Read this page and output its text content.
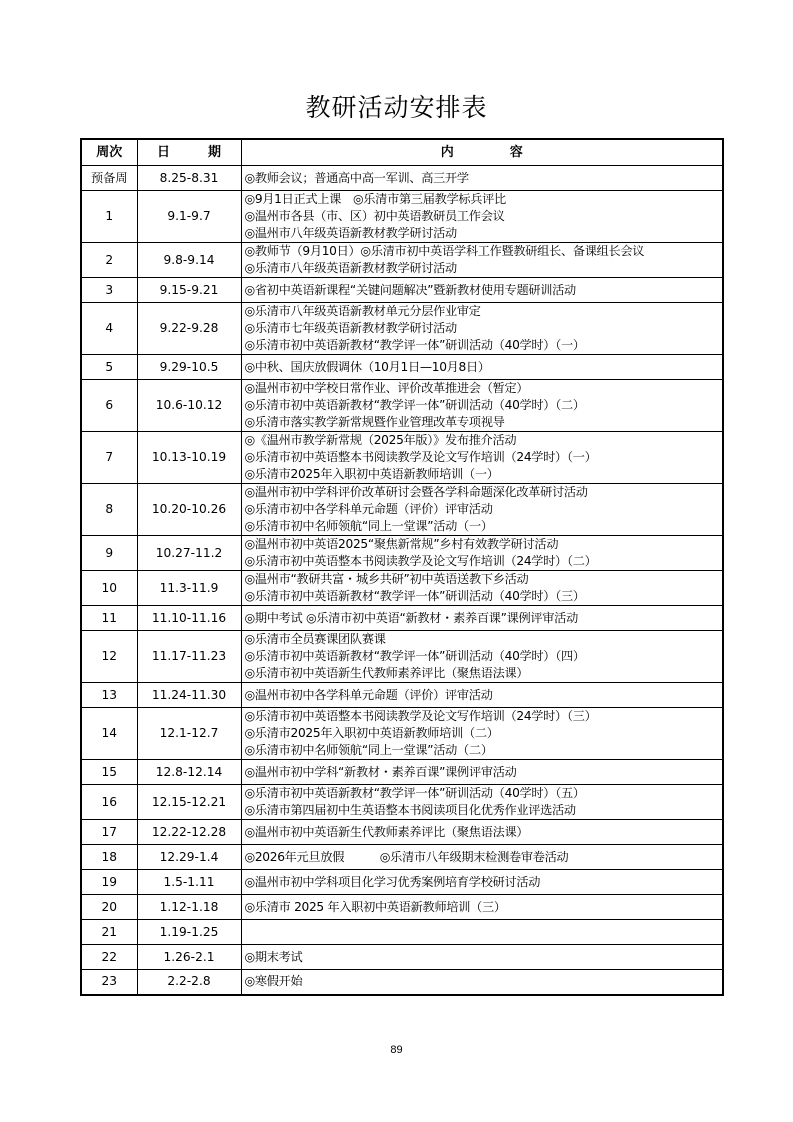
教研活动安排表
周次	日 期	内 容
预备周	8.25-8.31	◎教师会议；普通高中高一军训、高三开学

1	9.1-9.7	◎9月1日正式上课　◎乐清市第三届教学标兵评比
◎温州市各县（市、区）初中英语教研员工作会议
◎温州市八年级英语新教材教学研讨活动

2	9.8-9.14	◎教师节（9月10日）◎乐清市初中英语学科工作暨教研组长、备课组长会议
◎乐清市八年级英语新教材教学研讨活动

3	9.15-9.21	◎省初中英语新课程“关键问题解决”暨新教材使用专题研训活动

4	9.22-9.28	◎乐清市八年级英语新教材单元分层作业审定
◎乐清市七年级英语新教材教学研讨活动
◎乐清市初中英语新教材“教学评一体”研训活动（40学时）（一）

5	9.29-10.5	◎中秋、国庆放假调休（10月1日—10月8日）

6	10.6-10.12	◎温州市初中学校日常作业、评价改革推进会（暂定）
◎乐清市初中英语新教材“教学评一体”研训活动（40学时）（二）
◎乐清市落实教学新常规暨作业管理改革专项视导

7	10.13-10.19	◎《温州市教学新常规（2025年版）》发布推介活动
◎乐清市初中英语整本书阅读教学及论文写作培训（24学时）（一）
◎乐清市2025年入职初中英语新教师培训（一）

8	10.20-10.26	◎温州市初中学科评价改革研讨会暨各学科命题深化改革研讨活动
◎乐清市初中各学科单元命题（评价）评审活动
◎乐清市初中名师领航“同上一堂课”活动（一）

9	10.27-11.2	◎温州市初中英语2025“聚焦新常规”乡村有效教学研讨活动
◎乐清市初中英语整本书阅读教学及论文写作培训（24学时）（二）

10	11.3-11.9	◎温州市“教研共富・城乡共研”初中英语送教下乡活动
◎乐清市初中英语新教材“教学评一体”研训活动（40学时）（三）

11	11.10-11.16	◎期中考试 ◎乐清市初中英语“新教材・素养百课”课例评审活动

12	11.17-11.23	◎乐清市全员赛课团队赛课
◎乐清市初中英语新教材“教学评一体”研训活动（40学时）（四）
◎乐清市初中英语新生代教师素养评比（聚焦语法课）

13	11.24-11.30	◎温州市初中各学科单元命题（评价）评审活动

14	12.1-12.7	◎乐清市初中英语整本书阅读教学及论文写作培训（24学时）（三）
◎乐清市2025年入职初中英语新教师培训（二）
◎乐清市初中名师领航“同上一堂课”活动（二）

15	12.8-12.14	◎温州市初中学科“新教材・素养百课”课例评审活动

16	12.15-12.21	◎乐清市初中英语新教材“教学评一体”研训活动（40学时）（五）
◎乐清市第四届初中生英语整本书阅读项目化优秀作业评选活动

17	12.22-12.28	◎温州市初中英语新生代教师素养评比（聚焦语法课）

18	12.29-1.4	◎2026年元旦放假　　　◎乐清市八年级期末检测卷审卷活动

19	1.5-1.11	◎温州市初中学科项目化学习优秀案例培育学校研讨活动

20	1.12-1.18	◎乐清市 2025 年入职初中英语新教师培训（三）

21	1.19-1.25	
22	1.26-2.1	◎期末考试

23	2.2-2.8	◎寒假开始
89
